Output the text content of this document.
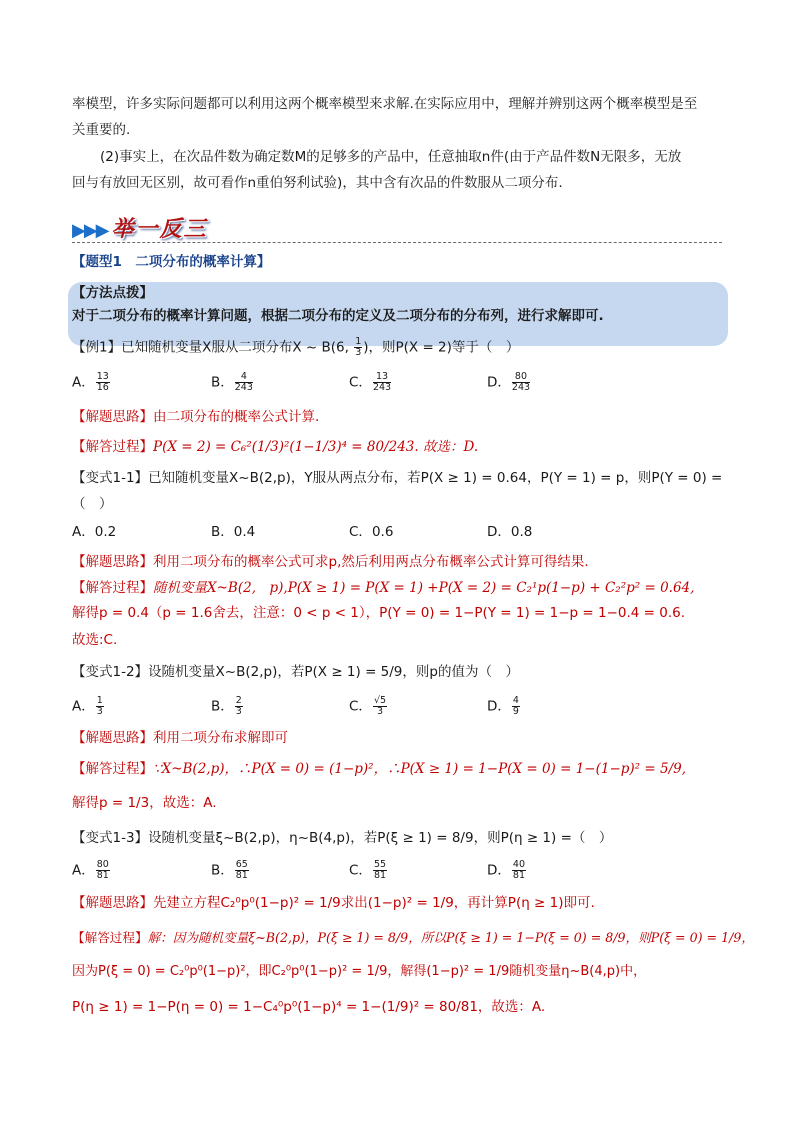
率模型，许多实际问题都可以利用这两个概率模型来求解.在实际应用中，理解并辨别这两个概率模型是至
关重要的.
(2)事实上，在次品件数为确定数M的足够多的产品中，任意抽取n件(由于产品件数N无限多，无放
回与有放回无区别，故可看作n重伯努利试验)，其中含有次品的件数服从二项分布.
▶▶▶ 举一反三
【题型1　二项分布的概率计算】
【方法点拨】
对于二项分布的概率计算问题，根据二项分布的定义及二项分布的分布列，进行求解即可.
【例1】已知随机变量X服从二项分布X ~ B(6, $\frac{1}{3}$ )，则P(X = 2)等于（　）
A． $\frac{13}{16}$	B． $\frac{4}{243}$	C． $\frac{13}{243}$	D． $\frac{80}{243}$
【解题思路】由二项分布的概率公式计算.
【解答过程】P(X = 2) = C₆²(1/3)²(1−1/3)⁴ = 80/243. 故选：D.
【变式1-1】已知随机变量X~B(2,p)，Y服从两点分布，若P(X ≥ 1) = 0.64，P(Y = 1) = p，则P(Y = 0) =
（　）
A．0.2	B．0.4	C．0.6	D．0.8
【解题思路】利用二项分布的概率公式可求p,然后利用两点分布概率公式计算可得结果.
【解答过程】随机变量X~B(2,　p),P(X ≥ 1) = P(X = 1) +P(X = 2) = C₂¹p(1−p) + C₂²p² = 0.64,
解得p = 0.4（p = 1.6舍去，注意：0 < p < 1），P(Y = 0) = 1−P(Y = 1) = 1−p = 1−0.4 = 0.6.
故选:C.
【变式1-2】设随机变量X~B(2,p)，若P(X ≥ 1) = 5/9，则p的值为（　）
A． $\frac{1}{3}$	B． $\frac{2}{3}$	C． $\frac{√5}{3}$	D． $\frac{4}{9}$
【解题思路】利用二项分布求解即可
【解答过程】∵X~B(2,p)，∴P(X = 0) = (1−p)²，∴P(X ≥ 1) = 1−P(X = 0) = 1−(1−p)² = 5/9,
解得p = 1/3，故选：A.
【变式1-3】设随机变量ξ~B(2,p)，η~B(4,p)，若P(ξ ≥ 1) = 8/9，则P(η ≥ 1) =（　）
A． $\frac{80}{81}$	B． $\frac{65}{81}$	C． $\frac{55}{81}$	D． $\frac{40}{81}$
【解题思路】先建立方程C₂⁰p⁰(1−p)² = 1/9求出(1−p)² = 1/9，再计算P(η ≥ 1)即可.
【解答过程】解：因为随机变量ξ~B(2,p)，P(ξ ≥ 1) = 8/9，所以P(ξ ≥ 1) = 1−P(ξ = 0) = 8/9，则P(ξ = 0) = 1/9，
因为P(ξ = 0) = C₂⁰p⁰(1−p)²，即C₂⁰p⁰(1−p)² = 1/9，解得(1−p)² = 1/9随机变量η~B(4,p)中，
P(η ≥ 1) = 1−P(η = 0) = 1−C₄⁰p⁰(1−p)⁴ = 1−(1/9)² = 80/81，故选：A.
